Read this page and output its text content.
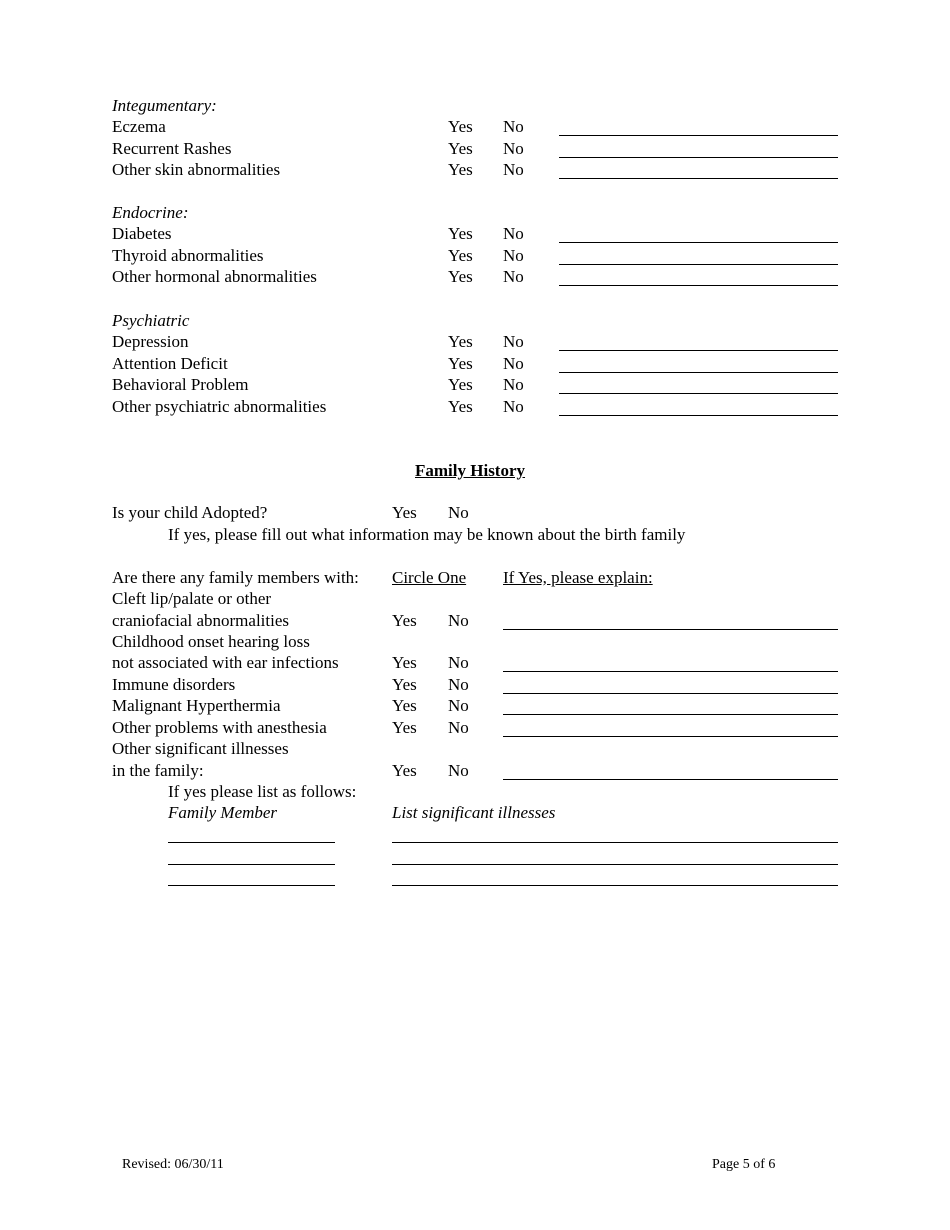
Integumentary:
Eczema	Yes No
Recurrent Rashes	Yes No
Other skin abnormalities	Yes No
Endocrine:
Diabetes	Yes No
Thyroid abnormalities	Yes No
Other hormonal abnormalities	Yes No
Psychiatric
Depression	Yes No
Attention Deficit	Yes No
Behavioral Problem	Yes No
Other psychiatric abnormalities	Yes No
Family History
Is your child Adopted?	Yes No
If yes, please fill out what information may be known about the birth family
Are there any family members with: Circle One If Yes, please explain:
Cleft lip/palate or other
craniofacial abnormalities	Yes No
Childhood onset hearing loss
not associated with ear infections	Yes No
Immune disorders	Yes No
Malignant Hyperthermia	Yes No
Other problems with anesthesia	Yes No
Other significant illnesses
in the family:	Yes No
If yes please list as follows:
Family Member	List significant illnesses
Revised: 06/30/11	Page 5 of 6
